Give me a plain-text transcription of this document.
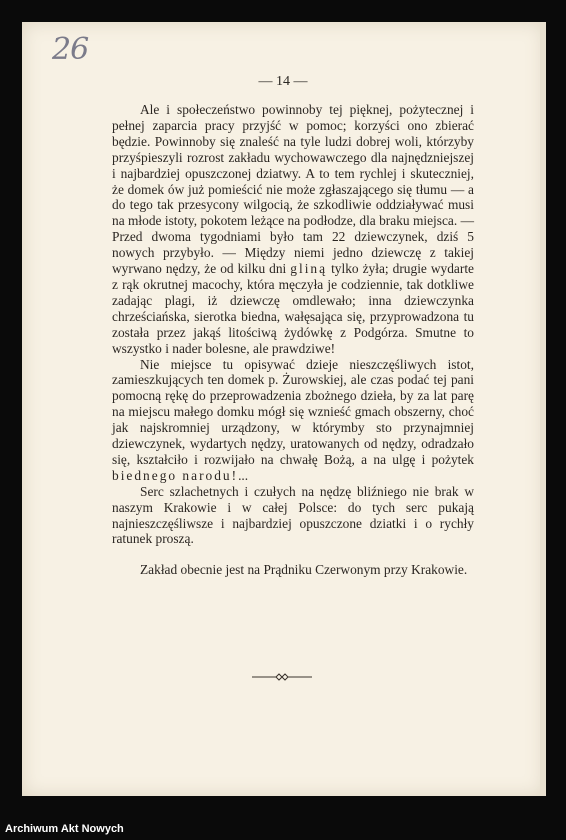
26
— 14 —

Ale i społeczeństwo powinnoby tej pięknej, pożytecznej i pełnej zaparcia pracy przyjść w pomoc; korzyści ono zbierać będzie. Powinnoby się znaleść na tyle ludzi dobrej woli, którzyby przyśpieszyli rozrost zakładu wychowawczego dla najnędzniejszej i najbardziej opuszczonej dziatwy. A to tem rychlej i skuteczniej, że domek ów już pomieścić nie może zgłaszającego się tłumu — a do tego tak przesycony wilgocią, że szkodliwie oddziaływać musi na młode istoty, pokotem leżące na podłodze, dla braku miejsca. — Przed dwoma tygodniami było tam 22 dziewczynek, dziś 5 nowych przybyło. — Między niemi jedno dziewczę z takiej wyrwano nędzy, że od kilku dni gliną tylko żyła; drugie wydarte z rąk okrutnej macochy, która męczyła je codziennie, tak dotkliwe zadając plagi, iż dziewczę omdlewało; inna dziewczynka chrześciańska, sierotka biedna, wałęsająca się, przyprowadzona tu została przez jakąś litościwą żydówkę z Podgórza. Smutne to wszystko i nader bolesne, ale prawdziwe!

Nie miejsce tu opisywać dzieje nieszczęśliwych istot, zamieszkujących ten domek p. Żurowskiej, ale czas podać tej pani pomocną rękę do przeprowadzenia zbożnego dzieła, by za lat parę na miejscu małego domku mógł się wznieść gmach obszerny, choć jak najskromniej urządzony, w którymby sto przynajmniej dziewczynek, wydartych nędzy, uratowanych od nędzy, odradzało się, kształciło i rozwijało na chwałę Bożą, a na ulgę i pożytek biednego narodu!...

Serc szlachetnych i czułych na nędzę bliźniego nie brak w naszym Krakowie i w całej Polsce: do tych serc pukają najnieszczęśliwsze i najbardziej opuszczone dziatki i o rychły ratunek proszą.

Zakład obecnie jest na Prądniku Czerwonym przy Krakowie.

Archiwum Akt Nowych
